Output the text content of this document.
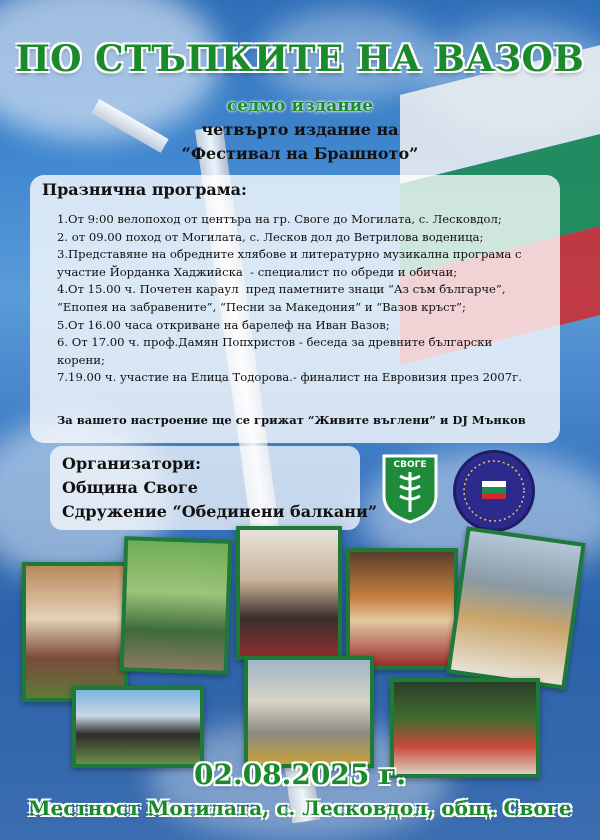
ПО СТЪПКИТЕ НА ВАЗОВ
седмо издание
четвърто издание на
“Фестивал на Брашното”
Празнична програма:
1.От 9:00 велопоход от центъра на гр. Своге до Могилата, с. Лесковдол;
2. от 09.00 поход от Могилата, с. Лесков дол до Ветрилова воденица;
3.Представяне на обредните хлябове и литературно музикална програма с
участие Йорданка Хаджийска  - специалист по обреди и обичаи;
4.От 15.00 ч. Почетен караул  пред паметните знаци “Аз съм българче”,
“Епопея на забравените”, “Песни за Македония” и “Вазов кръст”;
5.От 16.00 часа откриване на барелеф на Иван Вазов;
6. От 17.00 ч. проф.Дамян Попхристов - беседа за древните български
корени;
7.19.00 ч. участие на Елица Тодорова.- финалист на Евровизия през 2007г.
За вашето настроение ще се грижат “Живите въглени” и DJ Мънков
Организатори:
Община Своге
Сдружение “Обединени балкани”
СВОГЕ
02.08.2025 г.
Местност Могилата, с. Лесковдол, общ. Своге
